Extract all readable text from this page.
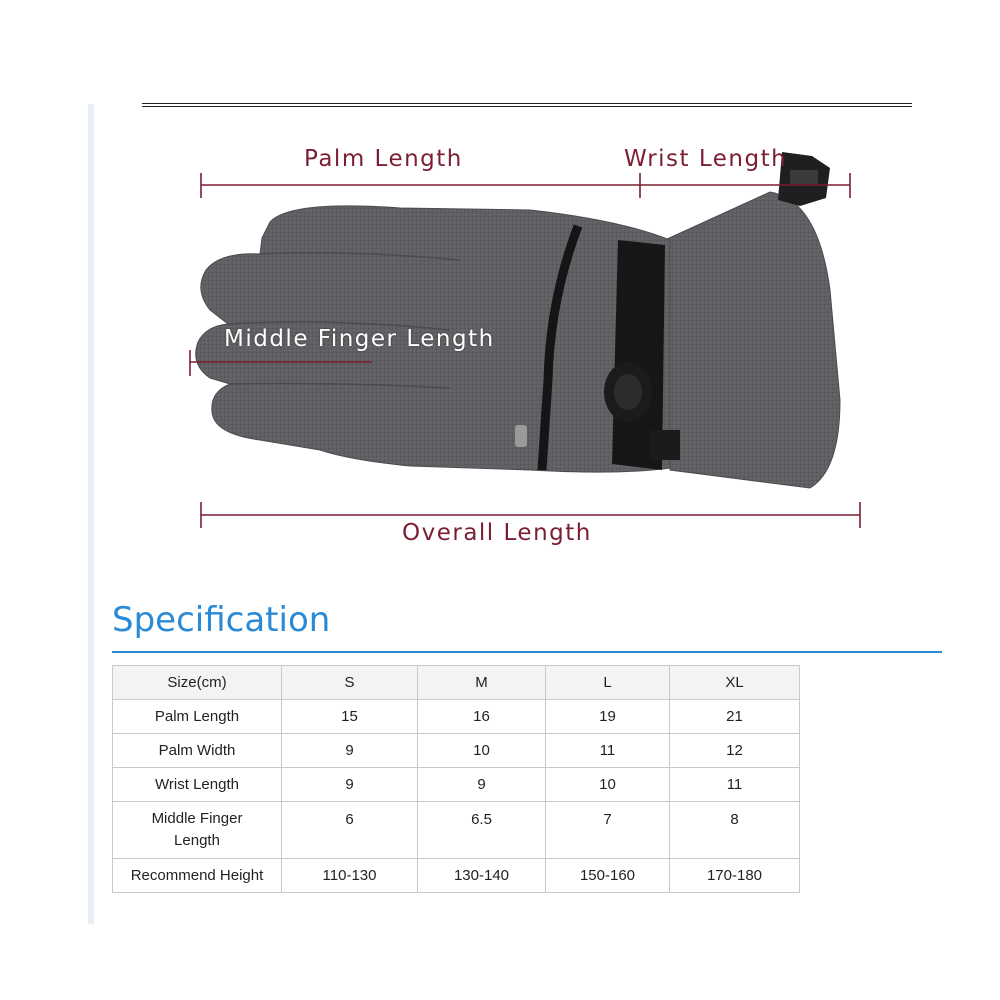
Palm Length	Wrist Length
Middle Finger Length
Overall Length
Specification
Size(cm)	S	M	L	XL
Palm Length	15	16	19	21
Palm Width	9	10	11	12
Wrist Length	9	9	10	11
Middle Finger Length	6	6.5	7	8
Recommend Height	110-130	130-140	150-160	170-180
